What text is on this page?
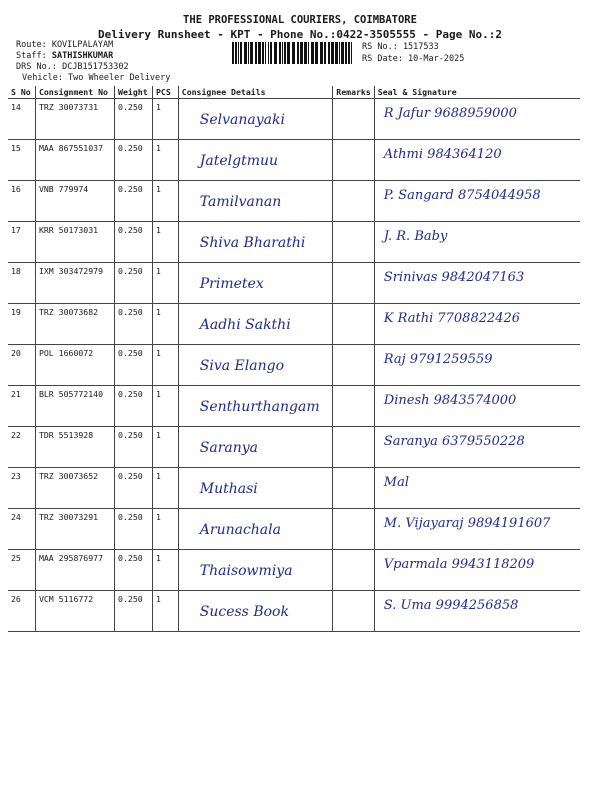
THE PROFESSIONAL COURIERS, COIMBATORE
Delivery Runsheet - KPT - Phone No.:0422-3505555 - Page No.:2
Route: KOVILPALAYAM
Staff: SATHISHKUMAR
DRS No.: DCJB151753302
Vehicle: Two Wheeler Delivery
RS No.: 1517533
RS Date: 10-Mar-2025
S No	Consignment No	Weight	PCS	Consignee Details	Remarks	Seal & Signature
14	TRZ 30073731	0.250	1	Selvanayaki		R Jafur 9688959000

15	MAA 867551037	0.250	1	Jatelgtmuu		Athmi 984364120

16	VNB 779974	0.250	1	Tamilvanan		P. Sangard 8754044958

17	KRR 50173031	0.250	1	Shiva Bharathi		J. R. Baby

18	IXM 303472979	0.250	1	Primetex		Srinivas 9842047163

19	TRZ 30073682	0.250	1	Aadhi Sakthi		K Rathi 7708822426

20	POL 1660072	0.250	1	Siva Elango		Raj 9791259559

21	BLR 505772140	0.250	1	Senthurthangam		Dinesh 9843574000

22	TDR 5513928	0.250	1	Saranya		Saranya 6379550228

23	TRZ 30073652	0.250	1	Muthasi		Mal

24	TRZ 30073291	0.250	1	Arunachala		M. Vijayaraj 9894191607

25	MAA 295876977	0.250	1	Thaisowmiya		Vparmala 9943118209

26	VCM 5116772	0.250	1	Sucess Book		S. Uma 9994256858
